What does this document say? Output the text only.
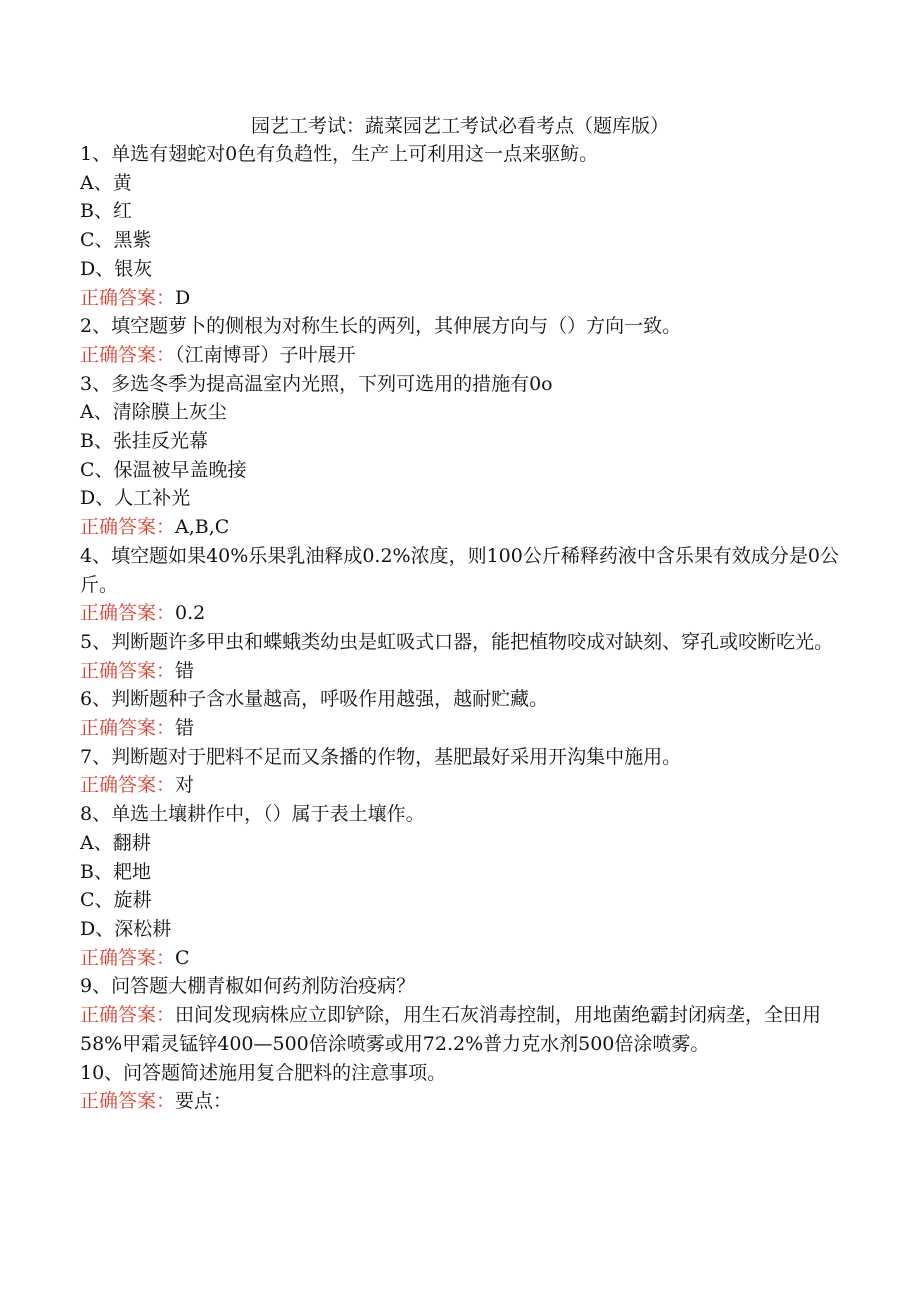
园艺工考试：蔬菜园艺工考试必看考点（题库版）
1、单选有翅蛇对0色有负趋性，生产上可利用这一点来驱鲂。
A、黄
B、红
C、黑紫
D、银灰
正确答案：D
2、填空题萝卜的侧根为对称生长的两列，其伸展方向与（）方向一致。
正确答案：（江南博哥）子叶展开
3、多选冬季为提高温室内光照，下列可选用的措施有0o
A、清除膜上灰尘
B、张挂反光幕
C、保温被早盖晚接
D、人工补光
正确答案：A,B,C
4、填空题如果40%乐果乳油释成0.2%浓度，则100公斤稀释药液中含乐果有效成分是0公斤。
正确答案：0.2
5、判断题许多甲虫和蝶蛾类幼虫是虹吸式口器，能把植物咬成对缺刻、穿孔或咬断吃光。
正确答案：错
6、判断题种子含水量越高，呼吸作用越强，越耐贮藏。
正确答案：错
7、判断题对于肥料不足而又条播的作物，基肥最好采用开沟集中施用。
正确答案：对
8、单选土壤耕作中，（）属于表土壤作。
A、翻耕
B、耙地
C、旋耕
D、深松耕
正确答案：C
9、问答题大棚青椒如何药剂防治疫病？
正确答案：田间发现病株应立即铲除，用生石灰消毒控制，用地菌绝霸封闭病垄，全田用58%甲霜灵锰锌400—500倍涂喷雾或用72.2%普力克水剂500倍涂喷雾。
10、问答题简述施用复合肥料的注意事项。
正确答案：要点：
